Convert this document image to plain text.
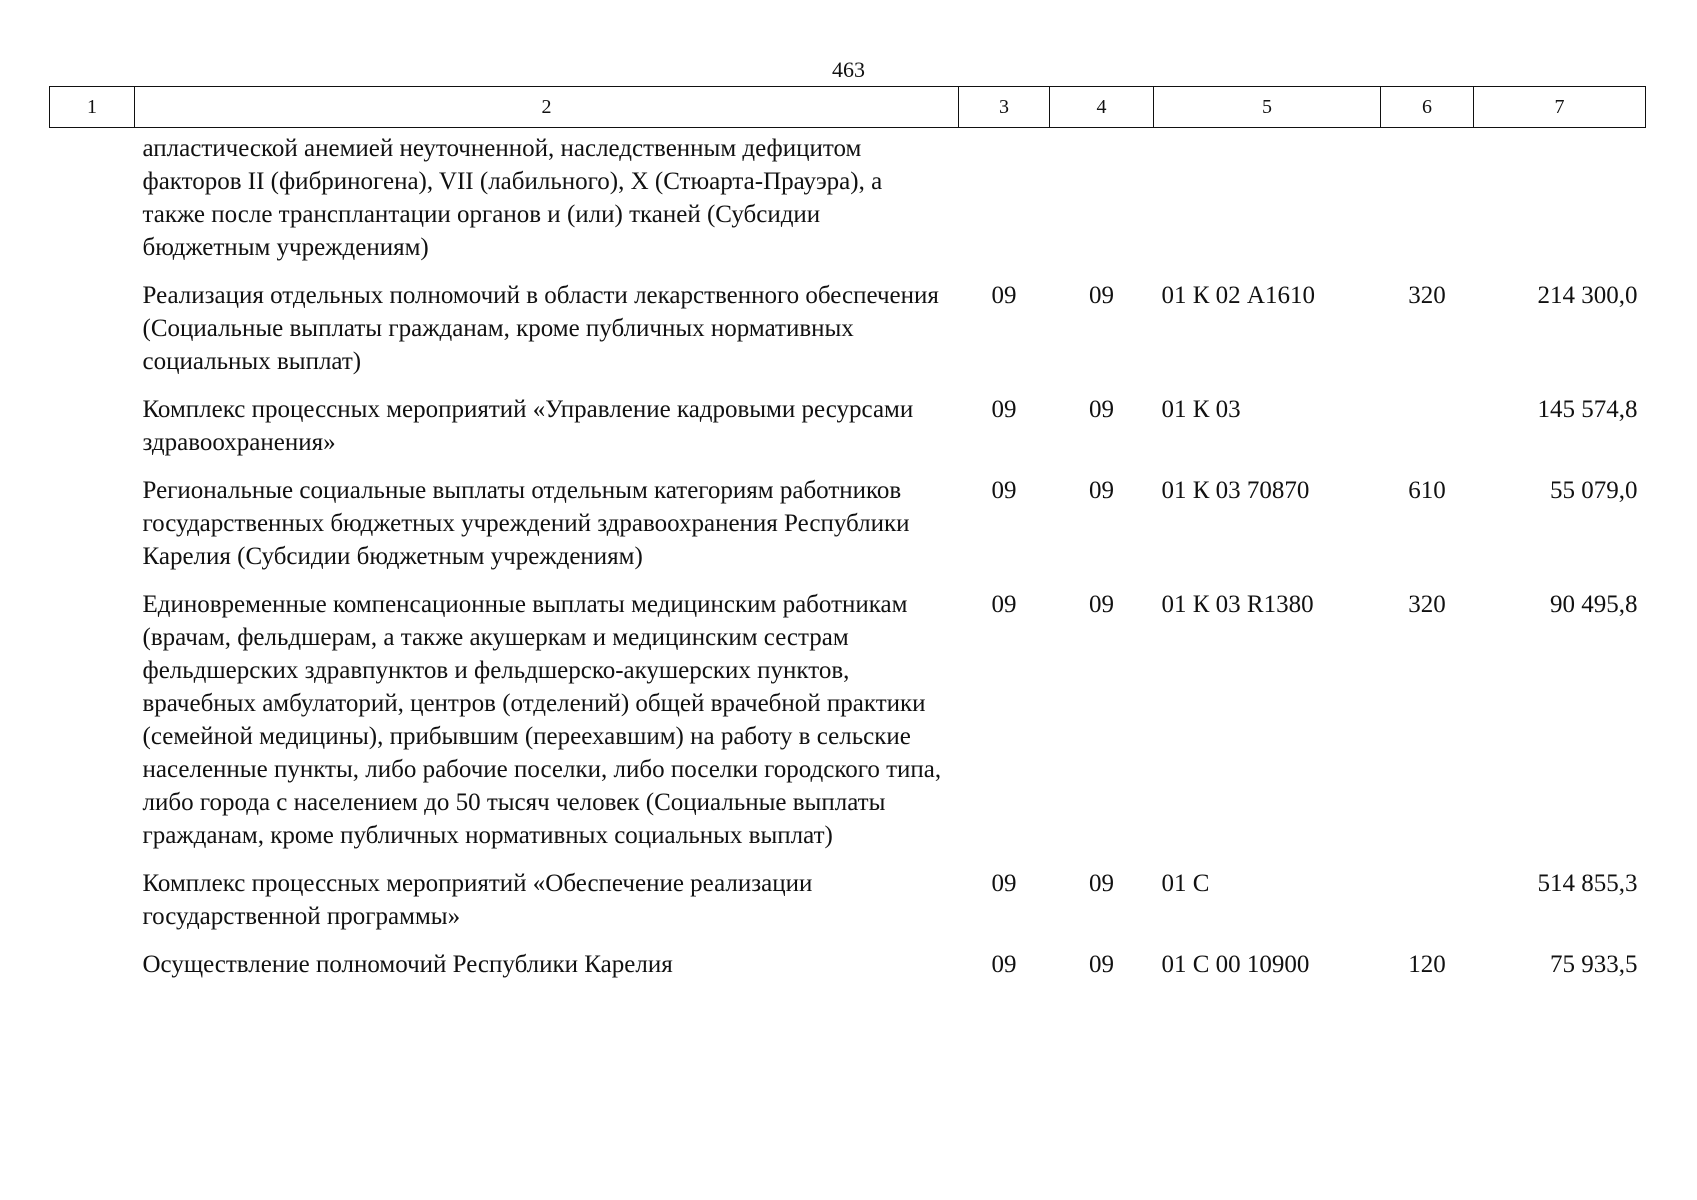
463
1	2	3	4	5	6	7
	апластической анемией неуточненной, наследственным дефицитом факторов II (фибриногена), VII (лабильного), X (Стюарта-Прауэра), а также после трансплантации органов и (или) тканей (Субсидии бюджетным учреждениям)					
	Реализация отдельных полномочий в области лекарственного обеспечения (Социальные выплаты гражданам, кроме публичных нормативных социальных выплат)	09	09	01 К 02 А1610	320	214 300,0
	Комплекс процессных мероприятий «Управление кадровыми ресурсами здравоохранения»	09	09	01 К 03		145 574,8
	Региональные социальные выплаты отдельным категориям работников государственных бюджетных учреждений здравоохранения Республики Карелия (Субсидии бюджетным учреждениям)	09	09	01 К 03 70870	610	55 079,0
	Единовременные компенсационные выплаты медицинским работникам (врачам, фельдшерам, а также акушеркам и медицинским сестрам фельдшерских здравпунктов и фельдшерско-акушерских пунктов, врачебных амбулаторий, центров (отделений) общей врачебной практики (семейной медицины), прибывшим (переехавшим) на работу в сельские населенные пункты, либо рабочие поселки, либо поселки городского типа, либо города с населением до 50 тысяч человек (Социальные выплаты гражданам, кроме публичных нормативных социальных выплат)	09	09	01 К 03 R1380	320	90 495,8
	Комплекс процессных мероприятий «Обеспечение реализации государственной программы»	09	09	01 С		514 855,3
	Осуществление полномочий Республики Карелия	09	09	01 С 00 10900	120	75 933,5
